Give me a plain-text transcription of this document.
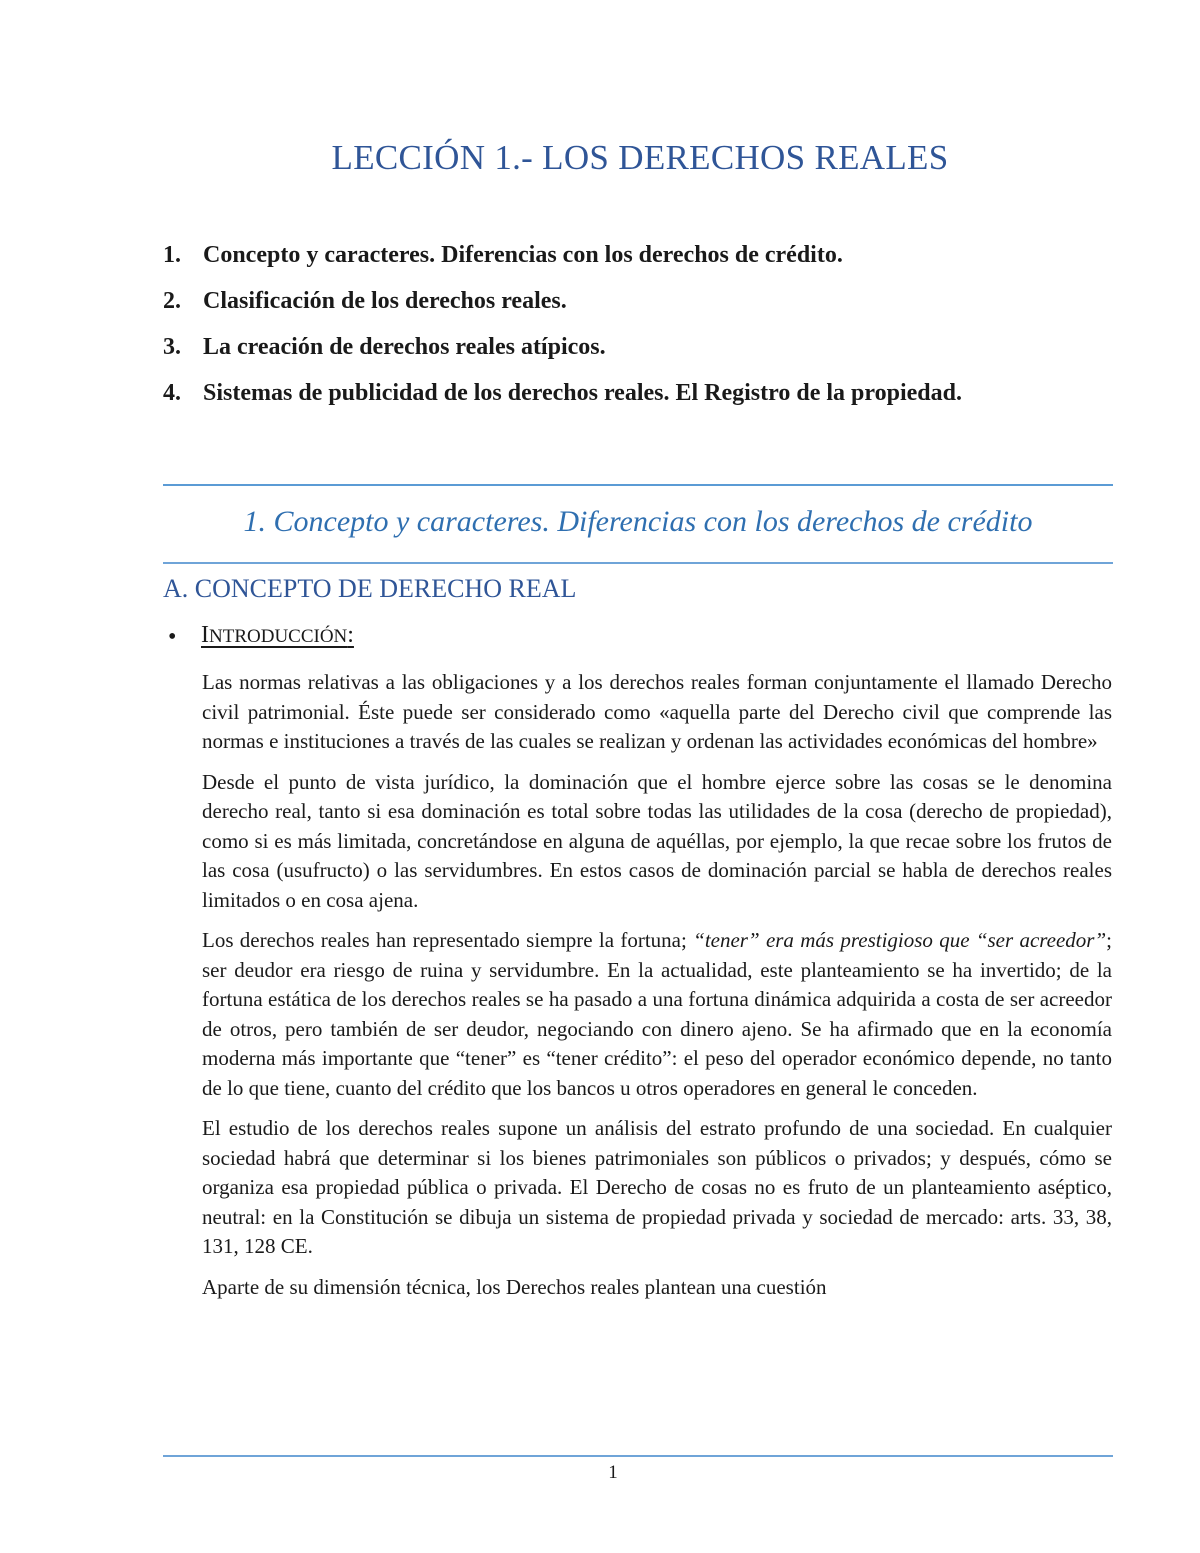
LECCIÓN 1.- LOS DERECHOS REALES
1. Concepto y caracteres. Diferencias con los derechos de crédito.
2. Clasificación de los derechos reales.
3. La creación de derechos reales atípicos.
4. Sistemas de publicidad de los derechos reales. El Registro de la propiedad.
1. Concepto y caracteres. Diferencias con los derechos de crédito
A. CONCEPTO DE DERECHO REAL
• INTRODUCCIÓN:

Las normas relativas a las obligaciones y a los derechos reales forman conjuntamente el llamado Derecho civil patrimonial. Éste puede ser considerado como «aquella parte del Derecho civil que comprende las normas e instituciones a través de las cuales se realizan y ordenan las actividades económicas del hombre»

Desde el punto de vista jurídico, la dominación que el hombre ejerce sobre las cosas se le denomina derecho real, tanto si esa dominación es total sobre todas las utilidades de la cosa (derecho de propiedad), como si es más limitada, concretándose en alguna de aquéllas, por ejemplo, la que recae sobre los frutos de las cosa (usufructo) o las servidumbres. En estos casos de dominación parcial se habla de derechos reales limitados o en cosa ajena.

Los derechos reales han representado siempre la fortuna; “tener” era más prestigioso que “ser acreedor”; ser deudor era riesgo de ruina y servidumbre. En la actualidad, este planteamiento se ha invertido; de la fortuna estática de los derechos reales se ha pasado a una fortuna dinámica adquirida a costa de ser acreedor de otros, pero también de ser deudor, negociando con dinero ajeno. Se ha afirmado que en la economía moderna más importante que “tener” es “tener crédito”: el peso del operador económico depende, no tanto de lo que tiene, cuanto del crédito que los bancos u otros operadores en general le conceden.

El estudio de los derechos reales supone un análisis del estrato profundo de una sociedad. En cualquier sociedad habrá que determinar si los bienes patrimoniales son públicos o privados; y después, cómo se organiza esa propiedad pública o privada. El Derecho de cosas no es fruto de un planteamiento aséptico, neutral: en la Constitución se dibuja un sistema de propiedad privada y sociedad de mercado: arts. 33, 38, 131, 128 CE.

Aparte de su dimensión técnica, los Derechos reales plantean una cuestión

1
